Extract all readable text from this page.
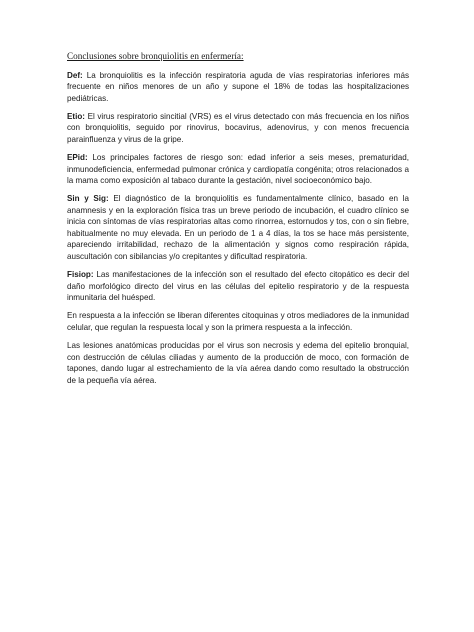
Conclusiones sobre bronquiolitis en enfermería:

Def: La bronquiolitis es la infección respiratoria aguda de vías respiratorias inferiores más frecuente en niños menores de un año y supone el 18% de todas las hospitalizaciones pediátricas.

Etio: El virus respiratorio sincitial (VRS) es el virus detectado con más frecuencia en los niños con bronquiolitis, seguido por rinovirus, bocavirus, adenovirus, y con menos frecuencia parainfluenza y virus de la gripe.

EPid: Los principales factores de riesgo son: edad inferior a seis meses, prematuridad, inmunodeficiencia, enfermedad pulmonar crónica y cardiopatía congénita; otros relacionados a la mama como exposición al tabaco durante la gestación, nivel socioeconómico bajo.

Sin y Sig: El diagnóstico de la bronquiolitis es fundamentalmente clínico, basado en la anamnesis y en la exploración física tras un breve periodo de incubación, el cuadro clínico se inicia con síntomas de vías respiratorias altas como rinorrea, estornudos y tos, con o sin fiebre, habitualmente no muy elevada. En un periodo de 1 a 4 días, la tos se hace más persistente, apareciendo irritabilidad, rechazo de la alimentación y signos como respiración rápida, auscultación con sibilancias y/o crepitantes y dificultad respiratoria.

Fisiop: Las manifestaciones de la infección son el resultado del efecto citopático es decir del daño morfológico directo del virus en las células del epitelio respiratorio y de la respuesta inmunitaria del huésped.

En respuesta a la infección se liberan diferentes citoquinas y otros mediadores de la inmunidad celular, que regulan la respuesta local y son la primera respuesta a la infección.

Las lesiones anatómicas producidas por el virus son necrosis y edema del epitelio bronquial, con destrucción de células ciliadas y aumento de la producción de moco, con formación de tapones, dando lugar al estrechamiento de la vía aérea dando como resultado la obstrucción de la pequeña vía aérea.
